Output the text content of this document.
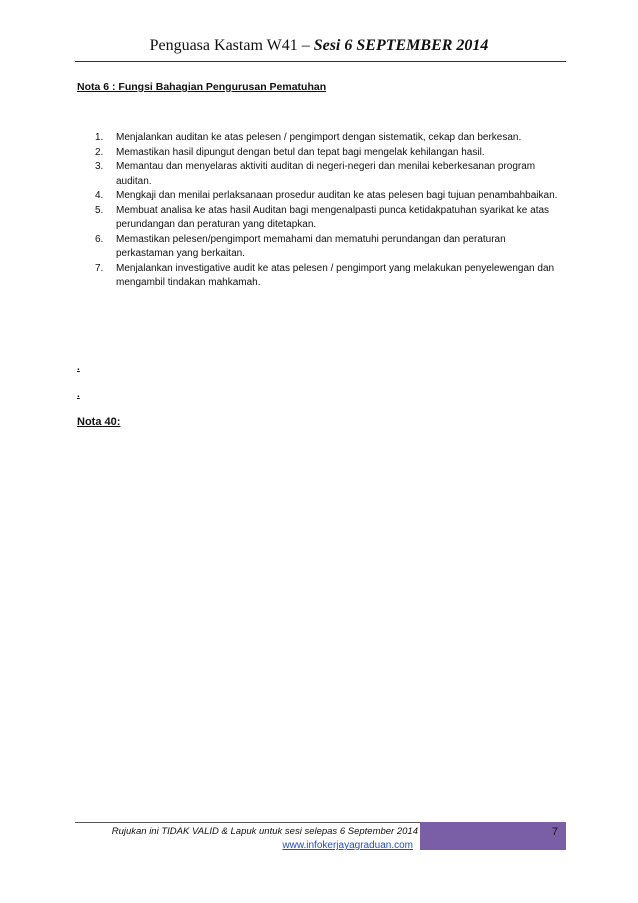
Penguasa Kastam W41 – Sesi 6 SEPTEMBER 2014
Nota 6 : Fungsi Bahagian Pengurusan Pematuhan
1. Menjalankan auditan ke atas pelesen / pengimport dengan sistematik, cekap dan berkesan.
2. Memastikan hasil dipungut dengan betul dan tepat bagi mengelak kehilangan hasil.
3. Memantau dan menyelaras aktiviti auditan di negeri-negeri dan menilai keberkesanan program auditan.
4. Mengkaji dan menilai perlaksanaan prosedur auditan ke atas pelesen bagi tujuan penambahbaikan.
5. Membuat analisa ke atas hasil Auditan bagi mengenalpasti punca ketidakpatuhan syarikat ke atas perundangan dan peraturan yang ditetapkan.
6. Memastikan pelesen/pengimport memahami dan mematuhi perundangan dan peraturan perkastaman yang berkaitan.
7. Menjalankan investigative audit ke atas pelesen / pengimport yang melakukan penyelewengan dan mengambil tindakan mahkamah.
.
.
Nota 40:
Rujukan ini TIDAK VALID & Lapuk untuk sesi selepas 6 September 2014
www.infokerjayagraduan.com
7
